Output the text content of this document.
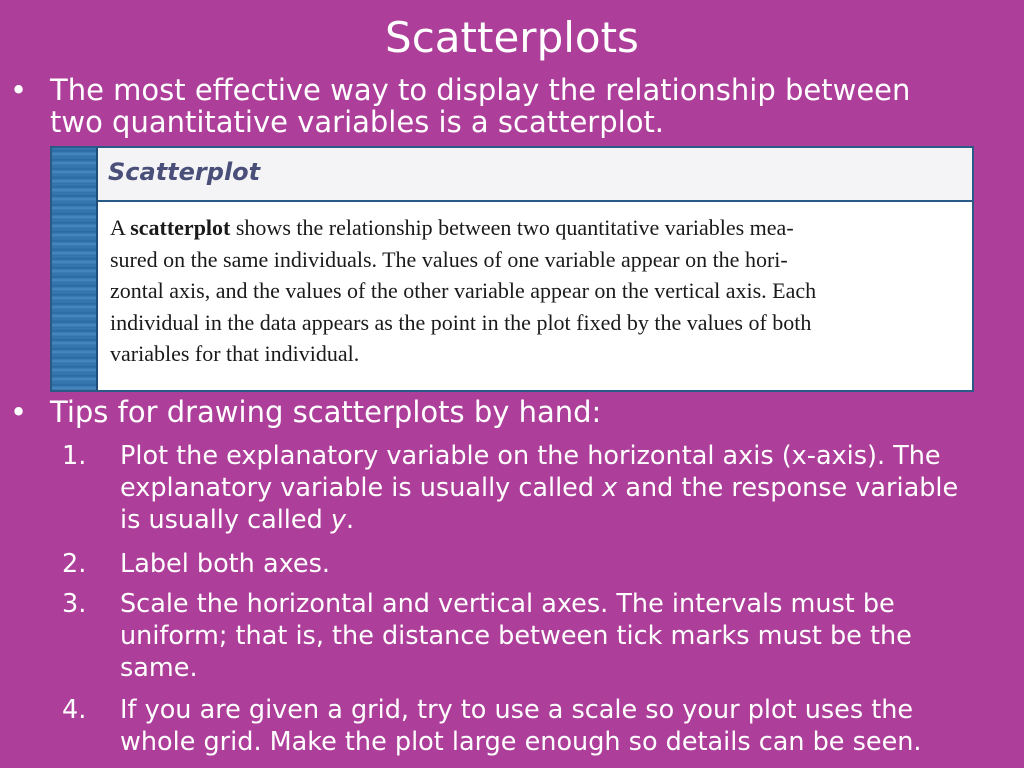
Scatterplots
• The most effective way to display the relationship between
two quantitative variables is a scatterplot.
Scatterplot
A scatterplot shows the relationship between two quantitative variables mea-
sured on the same individuals. The values of one variable appear on the hori-
zontal axis, and the values of the other variable appear on the vertical axis. Each
individual in the data appears as the point in the plot fixed by the values of both
variables for that individual.
• Tips for drawing scatterplots by hand:
1. Plot the explanatory variable on the horizontal axis (x-axis). The
explanatory variable is usually called x and the response variable
is usually called y.
2. Label both axes.
3. Scale the horizontal and vertical axes. The intervals must be
uniform; that is, the distance between tick marks must be the
same.
4. If you are given a grid, try to use a scale so your plot uses the
whole grid. Make the plot large enough so details can be seen.
